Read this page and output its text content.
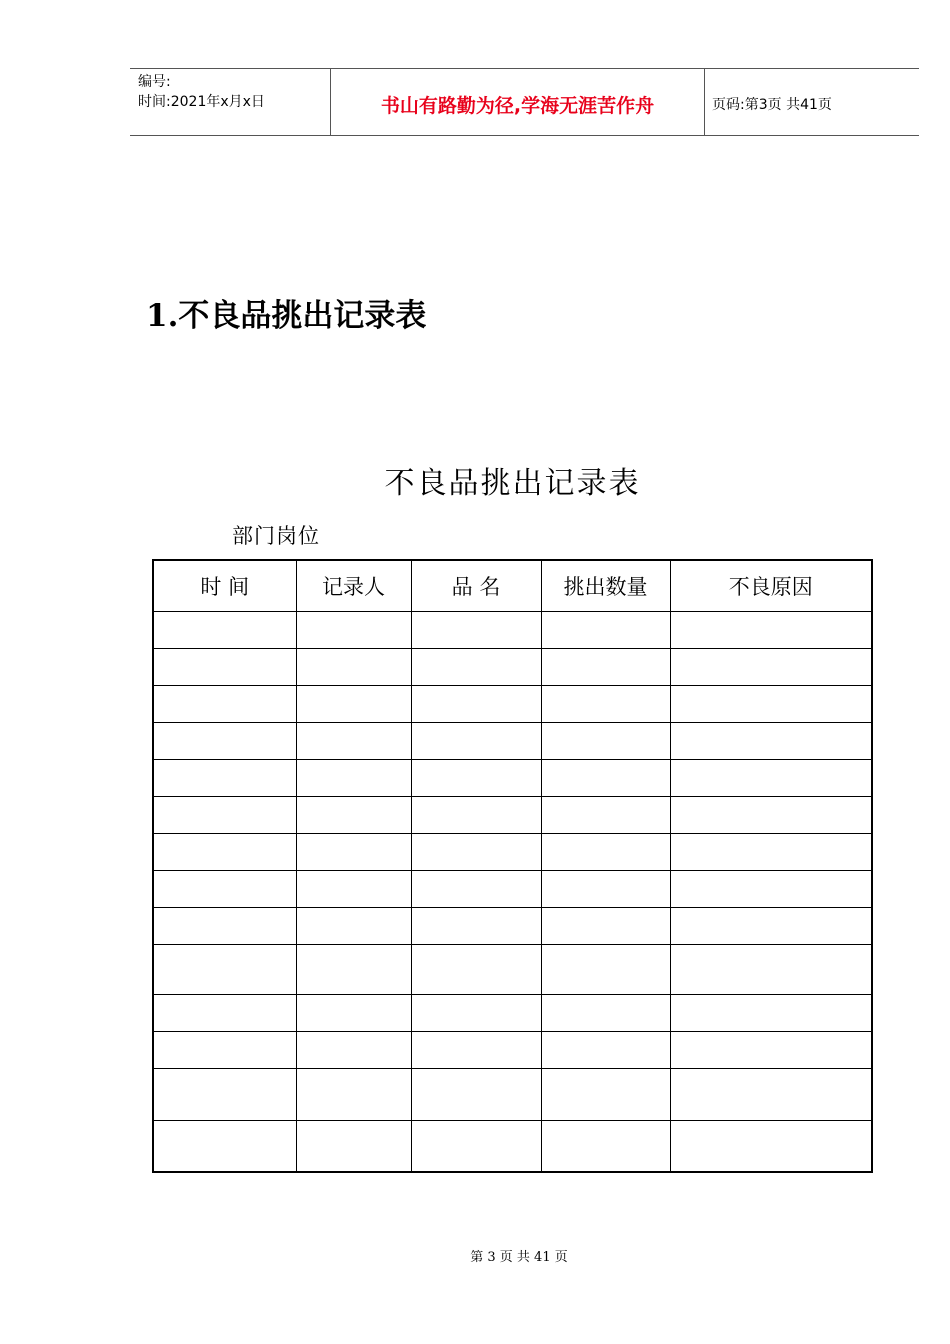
编号:
时间:2021年x月x日	书山有路勤为径,学海无涯苦作舟	页码:第3页 共41页
1.不良品挑出记录表
不良品挑出记录表
部门岗位
时 间	记录人	品 名	挑出数量	不良原因

第 3 页 共 41 页
